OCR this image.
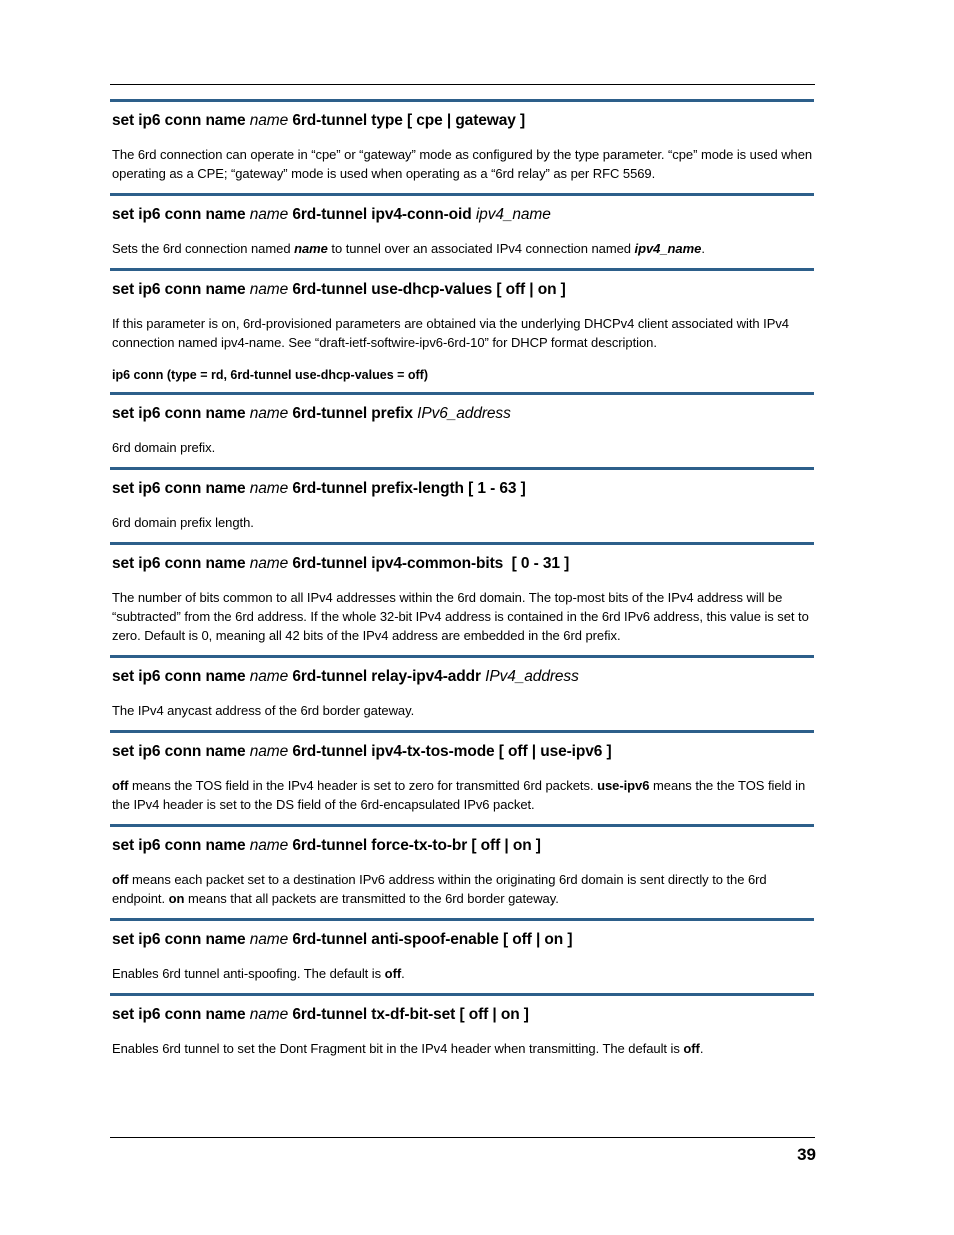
set ip6 conn name name 6rd-tunnel type [ cpe | gateway ]
The 6rd connection can operate in “cpe” or “gateway” mode as configured by the type parameter. “cpe” mode is used when operating as a CPE; “gateway” mode is used when operating as a “6rd relay” as per RFC 5569.
set ip6 conn name name 6rd-tunnel ipv4-conn-oid ipv4_name
Sets the 6rd connection named name to tunnel over an associated IPv4 connection named ipv4_name.
set ip6 conn name name 6rd-tunnel use-dhcp-values [ off | on ]
If this parameter is on, 6rd-provisioned parameters are obtained via the underlying DHCPv4 client associated with IPv4 connection named ipv4-name. See “draft-ietf-softwire-ipv6-6rd-10” for DHCP format description.
ip6 conn (type = rd, 6rd-tunnel use-dhcp-values = off)
set ip6 conn name name 6rd-tunnel prefix IPv6_address
6rd domain prefix.
set ip6 conn name name 6rd-tunnel prefix-length [ 1 - 63 ]
6rd domain prefix length.
set ip6 conn name name 6rd-tunnel ipv4-common-bits  [ 0 - 31 ]
The number of bits common to all IPv4 addresses within the 6rd domain. The top-most bits of the IPv4 address will be “subtracted” from the 6rd address. If the whole 32-bit IPv4 address is contained in the 6rd IPv6 address, this value is set to zero. Default is 0, meaning all 42 bits of the IPv4 address are embedded in the 6rd prefix.
set ip6 conn name name 6rd-tunnel relay-ipv4-addr IPv4_address
The IPv4 anycast address of the 6rd border gateway.
set ip6 conn name name 6rd-tunnel ipv4-tx-tos-mode [ off | use-ipv6 ]
off means the TOS field in the IPv4 header is set to zero for transmitted 6rd packets. use-ipv6 means the the TOS field in the IPv4 header is set to the DS field of the 6rd-encapsulated IPv6 packet.
set ip6 conn name name 6rd-tunnel force-tx-to-br [ off | on ]
off means each packet set to a destination IPv6 address within the originating 6rd domain is sent directly to the 6rd endpoint. on means that all packets are transmitted to the 6rd border gateway.
set ip6 conn name name 6rd-tunnel anti-spoof-enable [ off | on ]
Enables 6rd tunnel anti-spoofing. The default is off.
set ip6 conn name name 6rd-tunnel tx-df-bit-set [ off | on ]
Enables 6rd tunnel to set the Dont Fragment bit in the IPv4 header when transmitting. The default is off.
39
